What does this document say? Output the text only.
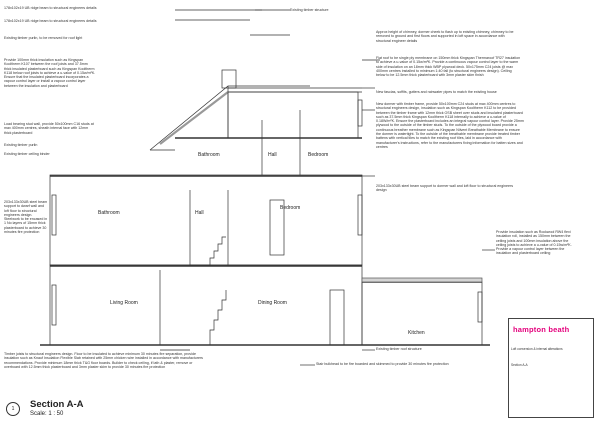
178x102x19 UB ridge beam to structural engineers details

178x102x19 UB ridge beam to structural engineers details

Existing timber purlin, to be removed for roof light

Provide 100mm thick insulation such as Kingspan Kooltherm K107 between the roof joists and 37.5mm thick insulated plasterboard such as Kingspan Kooltherm K118 below roof joists to achieve a u-value of 0.15w/m²K. Ensure that the insulated plasterboard incorporates a vapour control layer or install a vapour control layer between the insulation and plasterboard

Load bearing stud wall, provide 50x100mm C16 studs at max 400mm centres, sheath internal face with 12mm thick plasterboard

Existing timber purlin

Existing timber ceiling binder

203x133x30UB steel beam support to dwarf wall and loft floor to structural engineers design. Steelwork to be encased in 1 No layers of 15mm thick plasterboard to achieve 30 minutes fire protection

Timber joists to structural engineers design. Floor to be insulated to achieve minimum 30 minutes fire separation, provide insulation such as Knauf Insulation Flexible Slab retained with 25mm chicken wire installed in accordance with manufacturers recommendations. Provide minimum 18mm thick T&G floor boards. Builder to check ceiling, if lath & plaster, remove or overboard with 12.5mm thick plasterboard and 3mm plaster skim to provide 30 minutes fire protection

Existing timber structure

Approx height of chimney, dormer cheek to flash up to existing chimney, chimney to be removed to ground and first floors and supported in loft space in accordance with structural engineer details

Flat roof to be single ply membrane on 150mm thick Kingspan Thermaroof TR27 insulation to achieve a u-value of 0.15w/m²K. Provide a continuous vapour control layer to the warm side of insulation on an 18mm thick WBP plywood deck. 50x175mm C24 joists @ max 400mm centres installed to minimum 1:40 fall (to structural engineers design). Ceiling below to be 12.5mm thick plasterboard with 3mm plaster skim finish

New fascias, soffits, gutters and rainwater pipes to match the existing house

New dormer with timber frame, provide 50x100mm C24 studs at max 400mm centres to structural engineers design, insulation such as Kingspan Kooltherm K112 to be provided between the timber frame with 12mm thick OSB sheet over studs and insulated plasterboard such as 37.5mm thick Kingspan Kooltherm K118 internally to achieve a u-value of 0.18W/m²K. Ensure the plasterboard includes an integral vapour control layer. Provide 25mm plywood to the outside of the timber studs. To the outside of the plywood board provide a continuous breather membrane such as Kingspan Nilvent Breathable Membrane to ensure the dormer is watertight. To the outside of the breathable membrane provide treated timber battens with vertical tiles to match the existing roof tiles, laid in accordance with manufacturer's instructions, refer to the manufacturers fixing information for batten sizes and centres

203x133x30UB steel beam support to dormer wall and loft floor to structural engineers design

Provide insulation such as Rockwool RW4 flexi insulation roll, installed as 150mm between the ceiling joists and 100mm insulation above the ceiling joists to achieve a u-value of 0.15w/m²K. Provide a vapour control layer between the insulation and plasterboard ceiling

Existing timber roof structure

Stair bulkhead to be fire boarded and skimmed to provide 30 minutes fire protection

Bathroom	Hall	Bedroom
Bathroom	Hall
Bedroom
Living Room	Dining Room
Kitchen	hampton beath
Loft conversion & internal alterations
Section A-A
1	Section A-A
Scale: 1 : 50
